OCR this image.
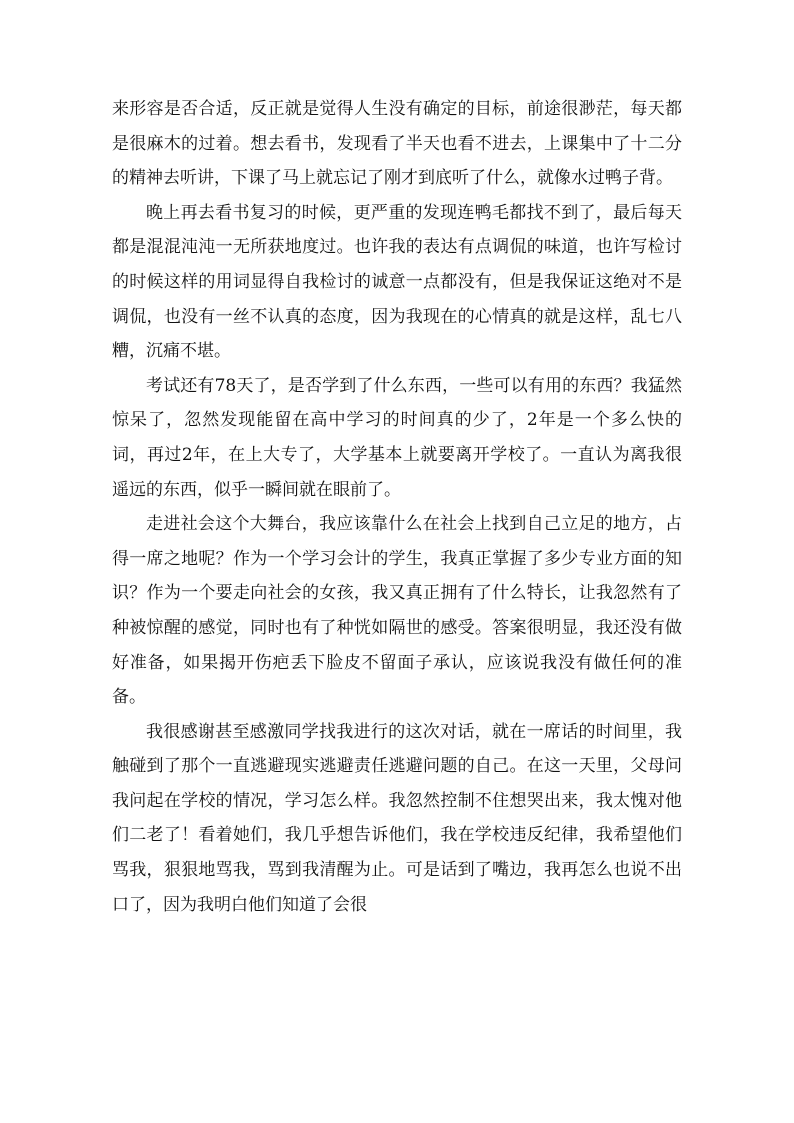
来形容是否合适，反正就是觉得人生没有确定的目标，前途很渺茫，每天都是很麻木的过着。想去看书，发现看了半天也看不进去，上课集中了十二分的精神去听讲，下课了马上就忘记了刚才到底听了什么，就像水过鸭子背。

晚上再去看书复习的时候，更严重的发现连鸭毛都找不到了，最后每天都是混混沌沌一无所获地度过。也许我的表达有点调侃的味道，也许写检讨的时候这样的用词显得自我检讨的诚意一点都没有，但是我保证这绝对不是调侃，也没有一丝不认真的态度，因为我现在的心情真的就是这样，乱七八糟，沉痛不堪。

考试还有78天了，是否学到了什么东西，一些可以有用的东西？我猛然惊呆了，忽然发现能留在高中学习的时间真的少了，2年是一个多么快的词，再过2年，在上大专了，大学基本上就要离开学校了。一直认为离我很遥远的东西，似乎一瞬间就在眼前了。

走进社会这个大舞台，我应该靠什么在社会上找到自己立足的地方，占得一席之地呢？作为一个学习会计的学生，我真正掌握了多少专业方面的知识？作为一个要走向社会的女孩，我又真正拥有了什么特长，让我忽然有了种被惊醒的感觉，同时也有了种恍如隔世的感受。答案很明显，我还没有做好准备，如果揭开伤疤丢下脸皮不留面子承认，应该说我没有做任何的准备。

我很感谢甚至感激同学找我进行的这次对话，就在一席话的时间里，我触碰到了那个一直逃避现实逃避责任逃避问题的自己。在这一天里，父母问我问起在学校的情况，学习怎么样。我忽然控制不住想哭出来，我太愧对他们二老了！看着她们，我几乎想告诉他们，我在学校违反纪律，我希望他们骂我，狠狠地骂我，骂到我清醒为止。可是话到了嘴边，我再怎么也说不出口了，因为我明白他们知道了会很
